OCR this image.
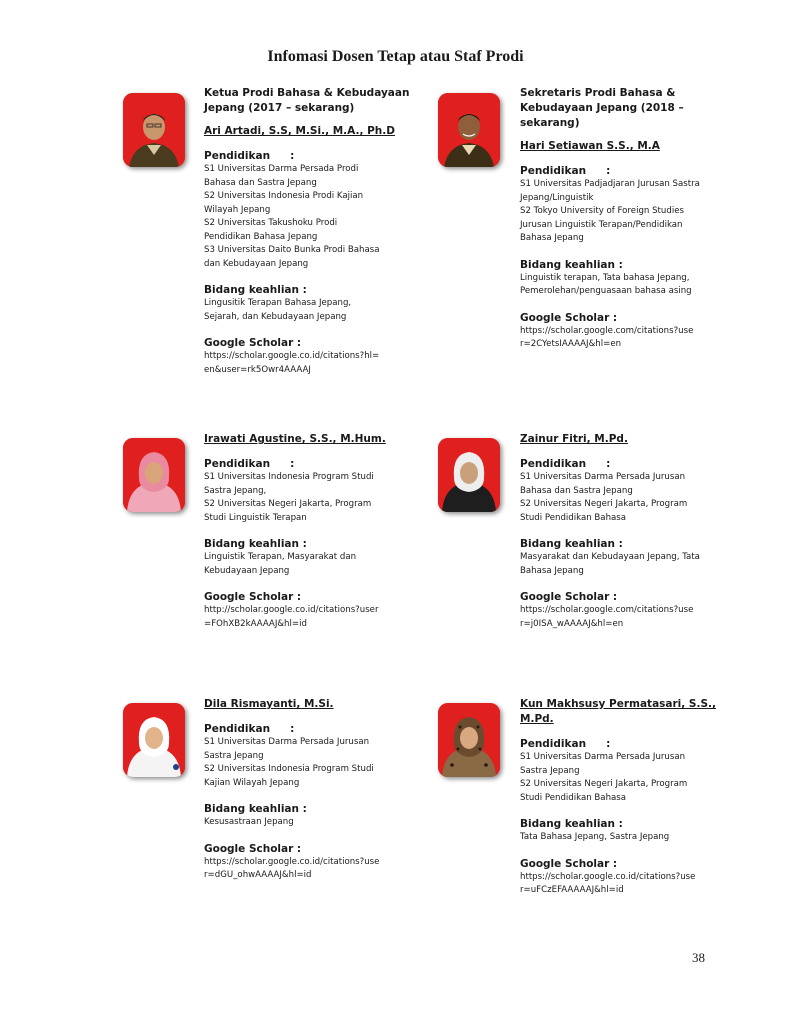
Infomasi Dosen Tetap atau Staf Prodi
Ketua Prodi Bahasa & Kebudayaan
Jepang (2017 – sekarang)
Ari Artadi, S.S, M.Si., M.A., Ph.D
Pendidikan :
S1 Universitas Darma Persada Prodi
Bahasa dan Sastra Jepang
S2 Universitas Indonesia Prodi Kajian
Wilayah Jepang
S2 Universitas Takushoku Prodi
Pendidikan Bahasa Jepang
S3 Universitas Daito Bunka Prodi Bahasa
dan Kebudayaan Jepang
Bidang keahlian :
Lingusitik Terapan Bahasa Jepang,
Sejarah, dan Kebudayaan Jepang
Google Scholar :
https://scholar.google.co.id/citations?hl=
en&user=rk5Owr4AAAAJ
Sekretaris Prodi Bahasa &
Kebudayaan Jepang (2018 –
sekarang)
Hari Setiawan S.S., M.A
Pendidikan :
S1 Universitas Padjadjaran Jurusan Sastra
Jepang/Linguistik
S2 Tokyo University of Foreign Studies
Jurusan Linguistik Terapan/Pendidikan
Bahasa Jepang
Bidang keahlian :
Linguistik terapan, Tata bahasa Jepang,
Pemerolehan/penguasaan bahasa asing
Google Scholar :
https://scholar.google.com/citations?use
r=2CYetsIAAAAJ&hl=en
Irawati Agustine, S.S., M.Hum.
Pendidikan :
S1 Universitas Indonesia Program Studi
Sastra Jepang,
S2 Universitas Negeri Jakarta, Program
Studi Linguistik Terapan
Bidang keahlian :
Linguistik Terapan, Masyarakat dan
Kebudayaan Jepang
Google Scholar :
http://scholar.google.co.id/citations?user
=FOhXB2kAAAAJ&hl=id
Zainur Fitri, M.Pd.
Pendidikan :
S1 Universitas Darma Persada Jurusan
Bahasa dan Sastra Jepang
S2 Universitas Negeri Jakarta, Program
Studi Pendidikan Bahasa
Bidang keahlian :
Masyarakat dan Kebudayaan Jepang, Tata
Bahasa Jepang
Google Scholar :
https://scholar.google.com/citations?use
r=j0ISA_wAAAAJ&hl=en
Dila Rismayanti, M.Si.
Pendidikan :
S1 Universitas Darma Persada Jurusan
Sastra Jepang
S2 Universitas Indonesia Program Studi
Kajian Wilayah Jepang
Bidang keahlian :
Kesusastraan Jepang
Google Scholar :
https://scholar.google.co.id/citations?use
r=dGU_ohwAAAAJ&hl=id
Kun Makhsusy Permatasari, S.S., M.Pd.
Pendidikan :
S1 Universitas Darma Persada Jurusan
Sastra Jepang
S2 Universitas Negeri Jakarta, Program
Studi Pendidikan Bahasa
Bidang keahlian :
Tata Bahasa Jepang, Sastra Jepang
Google Scholar :
https://scholar.google.co.id/citations?use
r=uFCzEFAAAAAJ&hl=id
38
